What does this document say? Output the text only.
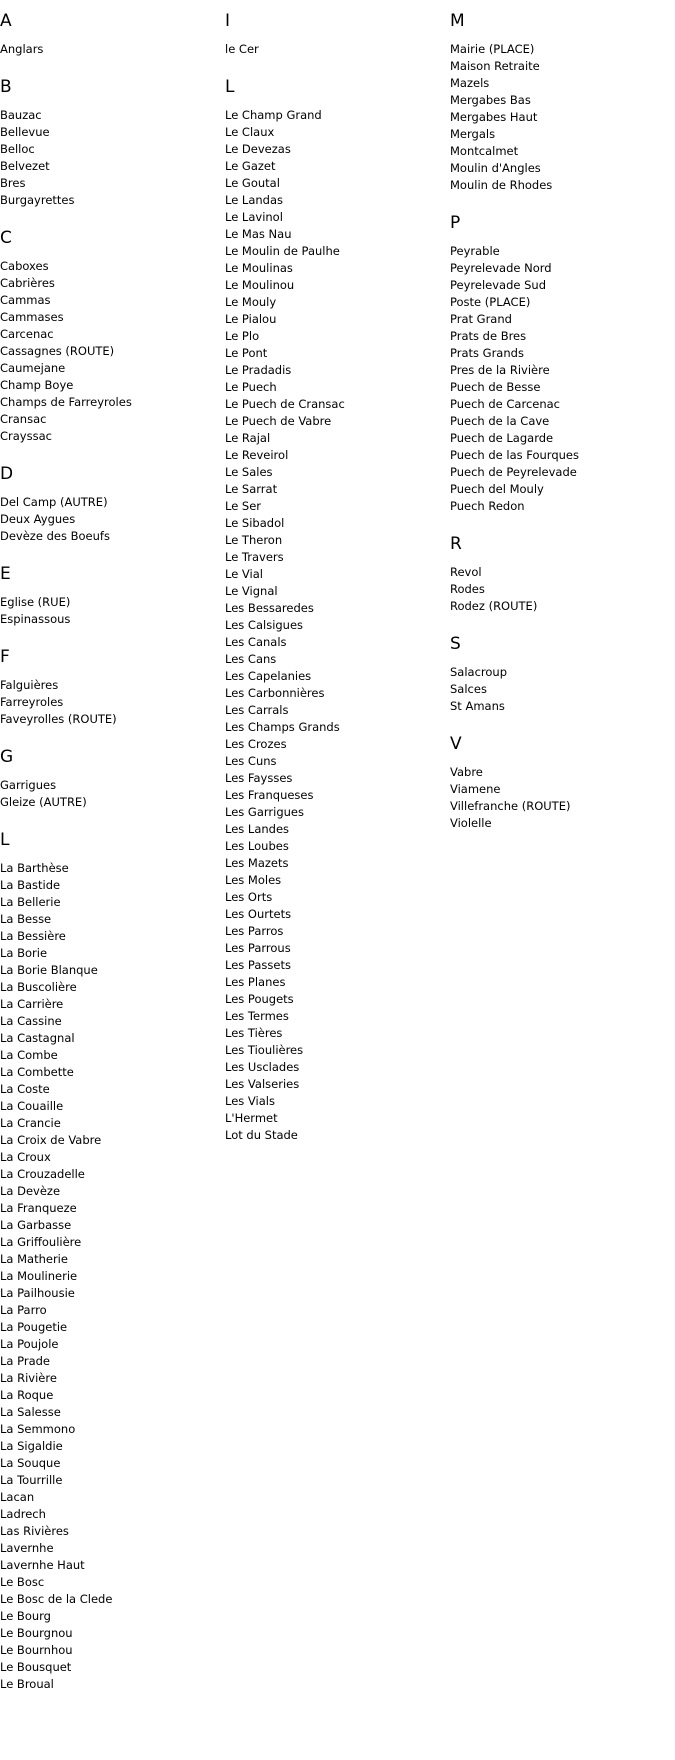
A
Anglars
B
Bauzac
Bellevue
Belloc
Belvezet
Bres
Burgayrettes
C
Caboxes
Cabrières
Cammas
Cammases
Carcenac
Cassagnes (ROUTE)
Caumejane
Champ Boye
Champs de Farreyroles
Cransac
Crayssac
D
Del Camp (AUTRE)
Deux Aygues
Devèze des Boeufs
E
Eglise (RUE)
Espinassous
F
Falguières
Farreyroles
Faveyrolles (ROUTE)
G
Garrigues
Gleize (AUTRE)
L
La Barthèse
La Bastide
La Bellerie
La Besse
La Bessière
La Borie
La Borie Blanque
La Buscolière
La Carrière
La Cassine
La Castagnal
La Combe
La Combette
La Coste
La Couaille
La Crancie
La Croix de Vabre
La Croux
La Crouzadelle
La Devèze
La Franqueze
La Garbasse
La Griffoulière
La Matherie
La Moulinerie
La Pailhousie
La Parro
La Pougetie
La Poujole
La Prade
La Rivière
La Roque
La Salesse
La Semmono
La Sigaldie
La Souque
La Tourrille
Lacan
Ladrech
Las Rivières
Lavernhe
Lavernhe Haut
Le Bosc
Le Bosc de la Clede
Le Bourg
Le Bourgnou
Le Bournhou
Le Bousquet
Le Broual
I
le Cer
L
Le Champ Grand
Le Claux
Le Devezas
Le Gazet
Le Goutal
Le Landas
Le Lavinol
Le Mas Nau
Le Moulin de Paulhe
Le Moulinas
Le Moulinou
Le Mouly
Le Pialou
Le Plo
Le Pont
Le Pradadis
Le Puech
Le Puech de Cransac
Le Puech de Vabre
Le Rajal
Le Reveirol
Le Sales
Le Sarrat
Le Ser
Le Sibadol
Le Theron
Le Travers
Le Vial
Le Vignal
Les Bessaredes
Les Calsigues
Les Canals
Les Cans
Les Capelanies
Les Carbonnières
Les Carrals
Les Champs Grands
Les Crozes
Les Cuns
Les Faysses
Les Franqueses
Les Garrigues
Les Landes
Les Loubes
Les Mazets
Les Moles
Les Orts
Les Ourtets
Les Parros
Les Parrous
Les Passets
Les Planes
Les Pougets
Les Termes
Les Tières
Les Tioulières
Les Usclades
Les Valseries
Les Vials
L'Hermet
Lot du Stade
M
Mairie (PLACE)
Maison Retraite
Mazels
Mergabes Bas
Mergabes Haut
Mergals
Montcalmet
Moulin d'Angles
Moulin de Rhodes
P
Peyrable
Peyrelevade Nord
Peyrelevade Sud
Poste (PLACE)
Prat Grand
Prats de Bres
Prats Grands
Pres de la Rivière
Puech de Besse
Puech de Carcenac
Puech de la Cave
Puech de Lagarde
Puech de las Fourques
Puech de Peyrelevade
Puech del Mouly
Puech Redon
R
Revol
Rodes
Rodez (ROUTE)
S
Salacroup
Salces
St Amans
V
Vabre
Viamene
Villefranche (ROUTE)
Violelle
